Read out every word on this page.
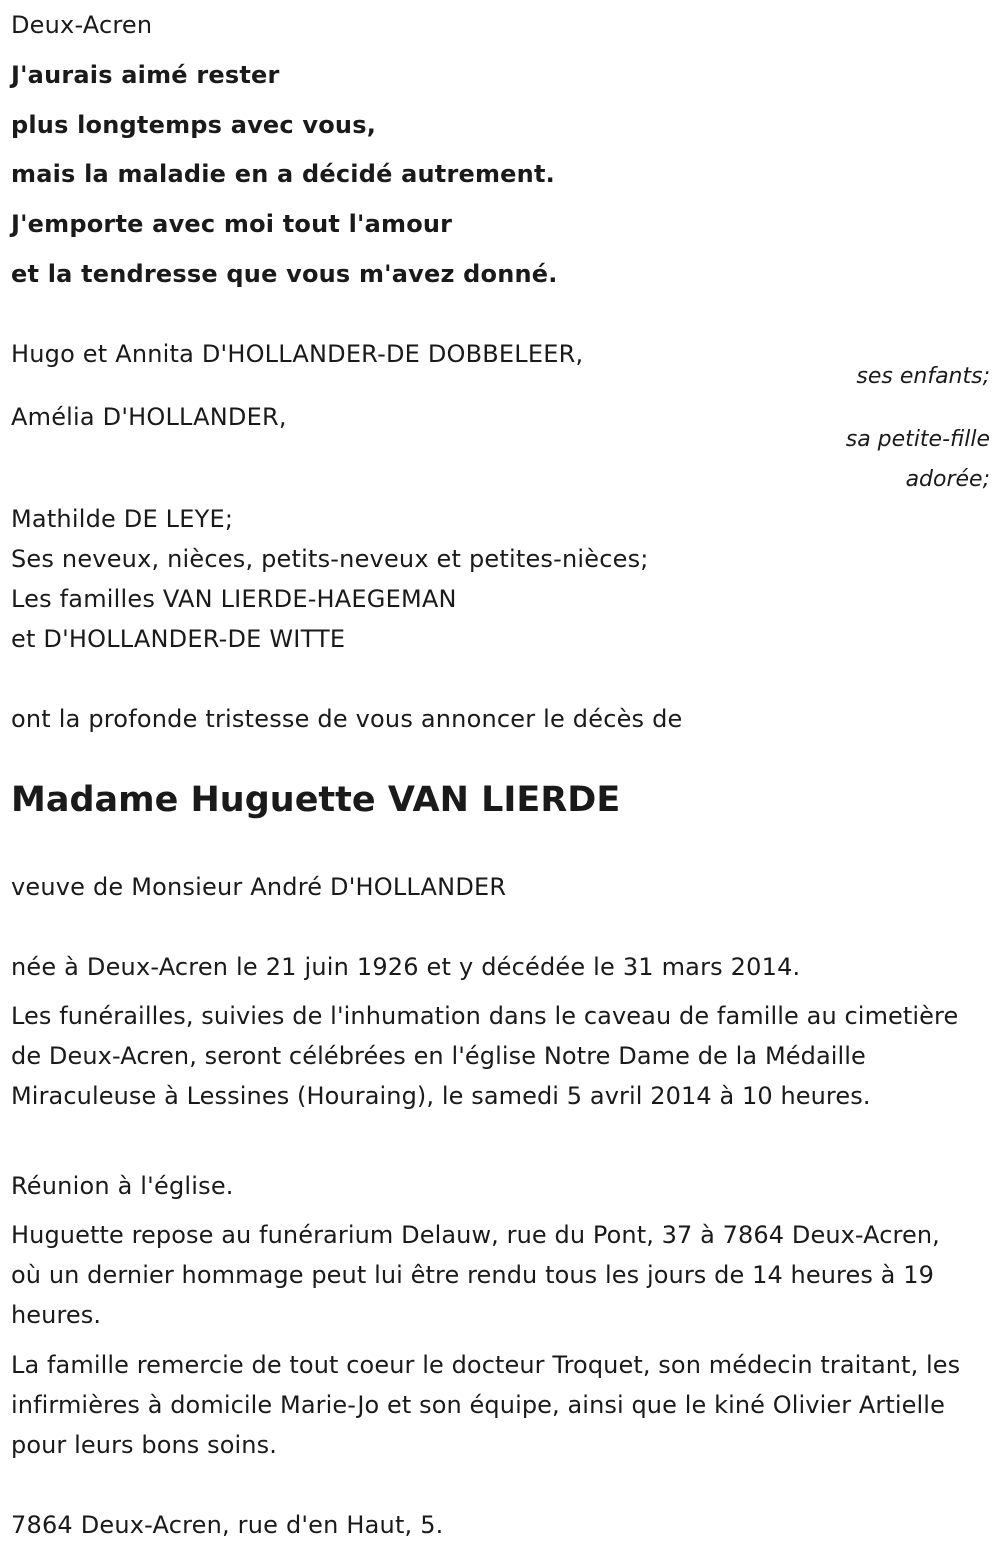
Deux-Acren
J'aurais aimé rester
plus longtemps avec vous,
mais la maladie en a décidé autrement.
J'emporte avec moi tout l'amour
et la tendresse que vous m'avez donné.
Hugo et Annita D'HOLLANDER-DE DOBBELEER,
ses enfants;
Amélia D'HOLLANDER,
sa petite-fille
adorée;
Mathilde DE LEYE;
Ses neveux, nièces, petits-neveux et petites-nièces;
Les familles VAN LIERDE-HAEGEMAN
et D'HOLLANDER-DE WITTE
ont la profonde tristesse de vous annoncer le décès de
Madame Huguette VAN LIERDE
veuve de Monsieur André D'HOLLANDER
née à Deux-Acren le 21 juin 1926 et y décédée le 31 mars 2014.
Les funérailles, suivies de l'inhumation dans le caveau de famille au cimetière de Deux-Acren, seront célébrées en l'église Notre Dame de la Médaille Miraculeuse à Lessines (Houraing), le samedi 5 avril 2014 à 10 heures.
Réunion à l'église.
Huguette repose au funérarium Delauw, rue du Pont, 37 à 7864 Deux-Acren, où un dernier hommage peut lui être rendu tous les jours de 14 heures à 19 heures.
La famille remercie de tout coeur le docteur Troquet, son médecin traitant, les infirmières à domicile Marie-Jo et son équipe, ainsi que le kiné Olivier Artielle pour leurs bons soins.
7864 Deux-Acren, rue d'en Haut, 5.
